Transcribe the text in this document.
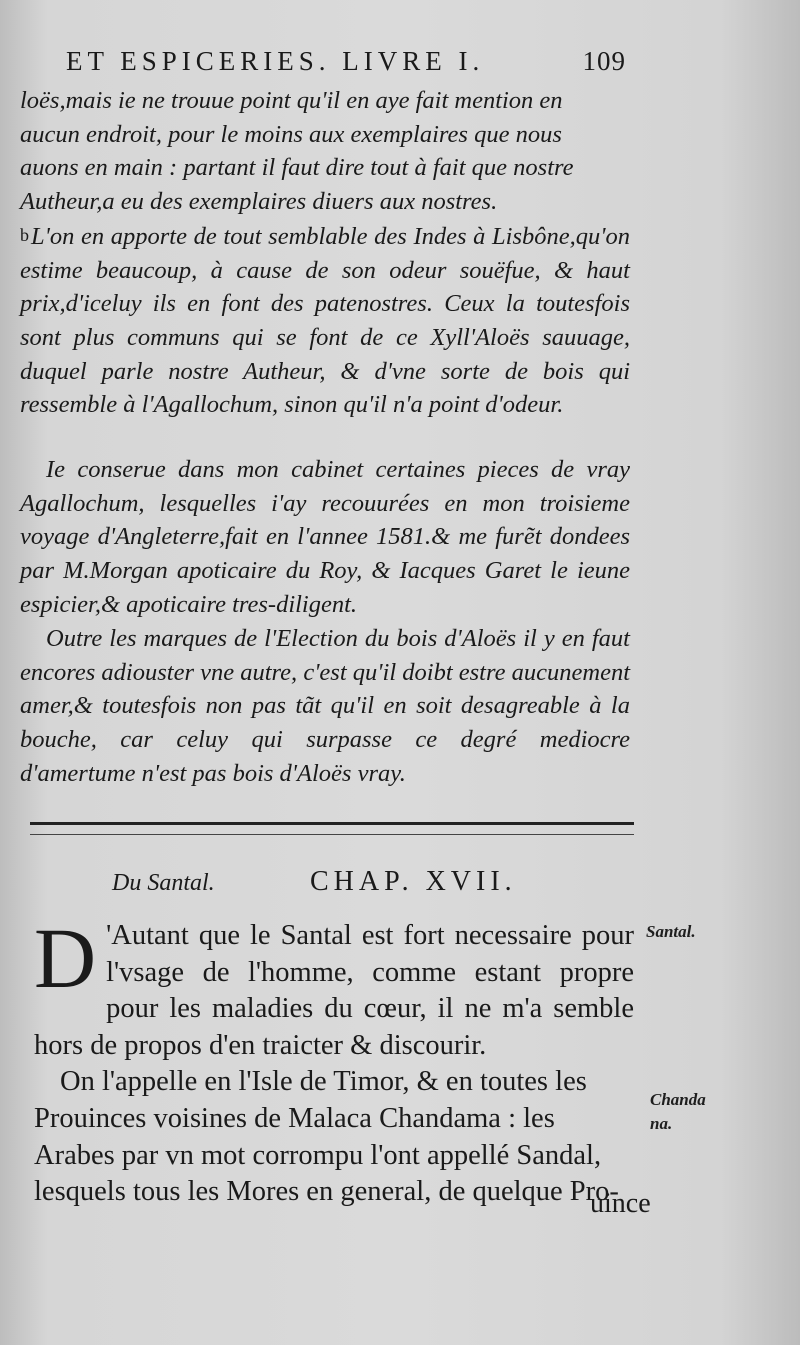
ET ESPICERIES. LIVRE I.	109

loës,mais ie ne trouue point qu'il en aye fait mention en

aucun endroit, pour le moins aux exemplaires que nous

auons en main : partant il faut dire tout à fait que nostre

Autheur,a eu des exemplaires diuers aux nostres.

$^b$L'on en apporte de tout semblable des Indes à Lisbône,qu'on estime beaucoup, à cause de son odeur souëfue, & haut prix,d'iceluy ils en font des patenostres. Ceux la toutesfois sont plus communs qui se font de ce Xyll'Aloës sauuage, duquel parle nostre Autheur, & d'vne sorte de bois qui ressemble à l'Agallochum, sinon qu'il n'a point d'odeur.

Ie conserue dans mon cabinet certaines pieces de vray Agallochum, lesquelles i'ay recouurées en mon troisieme voyage d'Angleterre,fait en l'annee 1581.& me furẽt dondees par M.Morgan apoticaire du Roy, & Iacques Garet le ieune espicier,& apoticaire tres-diligent.

Outre les marques de l'Election du bois d'Aloës il y en faut encores adiouster vne autre, c'est qu'il doibt estre aucunement amer,& toutesfois non pas tãt qu'il en soit desagreable à la bouche, car celuy qui surpasse ce degré mediocre d'amertume n'est pas bois d'Aloës vray.

Du Santal.	CHAP. XVII.

D 'Autant que le Santal est fort necessaire pour l'vsage de l'homme, comme estant propre pour les maladies du cœur, il ne m'a semble hors de propos d'en traicter & discourir.

On l'appelle en l'Isle de Timor, & en toutes les Prouinces voisines de Malaca Chandama : les Arabes par vn mot corrompu l'ont appellé Sandal, lesquels tous les Mores en general, de quelque Pro-

uince
Santal.
Chanda
na.
